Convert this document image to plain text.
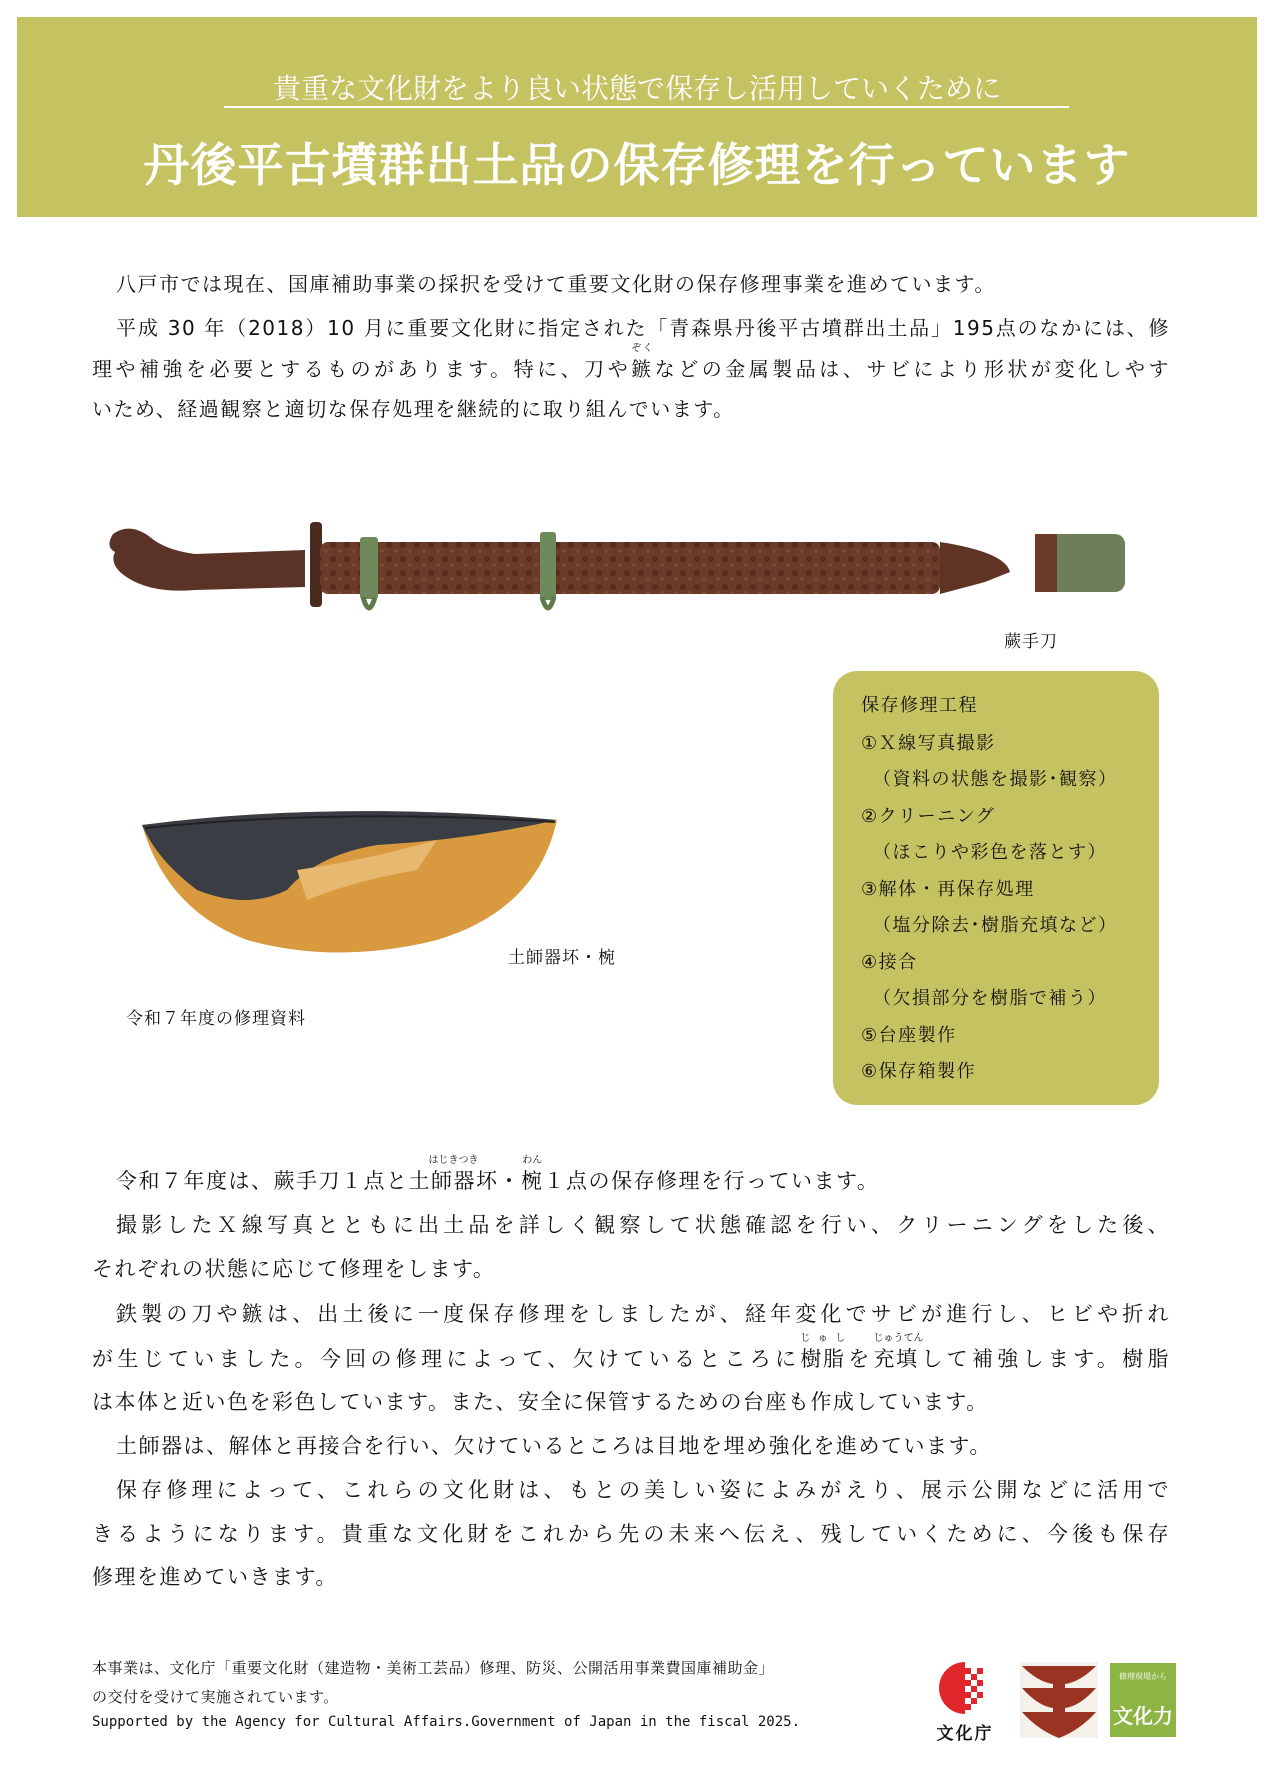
貴重な文化財をより良い状態で保存し活用していくために
丹後平古墳群出土品の保存修理を行っています
八戸市では現在、国庫補助事業の採択を受けて重要文化財の保存修理事業を進めています。
平成 30 年（2018）10 月に重要文化財に指定された「青森県丹後平古墳群出土品」195点のなかには、修
理や補強を必要とするものがあります。特に、刀や
ぞく
鏃などの金属製品は、サビにより形状が変化しやす
いため、経過観察と適切な保存処理を継続的に取り組んでいます。
蕨手刀
土師器坏・椀
令和７年度の修理資料
保存修理工程
①Ｘ線写真撮影
（資料の状態を撮影･観察）
②クリーニング
（ほこりや彩色を落とす）
③解体・再保存処理
（塩分除去･樹脂充填など）
④接合
（欠損部分を樹脂で補う）
⑤台座製作
⑥保存箱製作
令和７年度は、蕨手刀１点と
はじきつき
土師器坏・
わん
椀１点の保存修理を行っています。
撮影したＸ線写真とともに出土品を詳しく観察して状態確認を行い、クリーニングをした後、
それぞれの状態に応じて修理をします。
鉄製の刀や鏃は、出土後に一度保存修理をしましたが、経年変化でサビが進行し、ヒビや折れ
が生じていました。今回の修理によって、欠けているところに
じゅし
樹脂を
じゅうてん
充填して補強します。樹脂
は本体と近い色を彩色しています。また、安全に保管するための台座も作成しています。
土師器は、解体と再接合を行い、欠けているところは目地を埋め強化を進めています。
保存修理によって、これらの文化財は、もとの美しい姿によみがえり、展示公開などに活用で
きるようになります。貴重な文化財をこれから先の未来へ伝え、残していくために、今後も保存
修理を進めていきます。
本事業は、文化庁「重要文化財（建造物・美術工芸品）修理、防災、公開活用事業費国庫補助金」
の交付を受けて実施されています。
Supported by the Agency for Cultural Affairs.Government of Japan in the fiscal 2025.
文化庁
修理現場から
文化力
